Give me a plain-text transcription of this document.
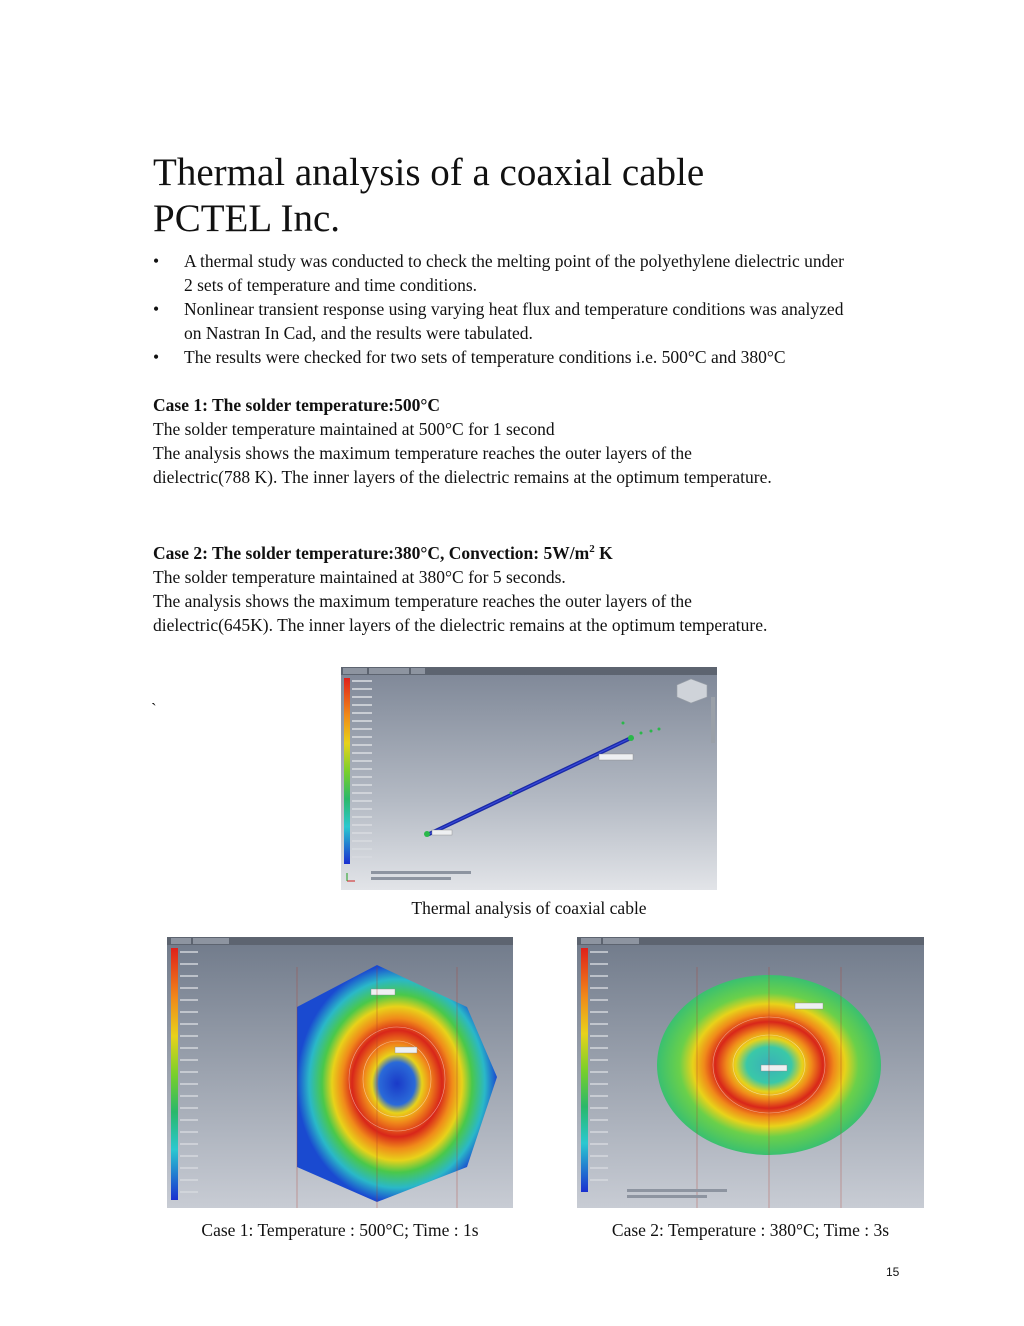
Thermal analysis of a coaxial cable
PCTEL Inc.
• A thermal study was conducted to check the melting point of the polyethylene dielectric under 2 sets of temperature and time conditions.
• Nonlinear transient response using varying heat flux and temperature conditions was analyzed on Nastran In Cad, and the results were tabulated.
• The results were checked for two sets of temperature conditions i.e. 500°C and 380°C
Case 1: The solder temperature:500°C
The solder temperature maintained at 500°C for 1 second
The analysis shows the maximum temperature reaches the outer layers of the dielectric(788 K). The inner layers of the dielectric remains at the optimum temperature.
Case 2: The solder temperature:380°C, Convection: $5W/m^2$ K
The solder temperature maintained at 380°C for 5 seconds.
The analysis shows the maximum temperature reaches the outer layers of the dielectric(645K). The inner layers of the dielectric remains at the optimum temperature.
`
Thermal analysis of coaxial cable
Case 1: Temperature : 500°C; Time : 1s	Case 2: Temperature : 380°C; Time : 3s
15
